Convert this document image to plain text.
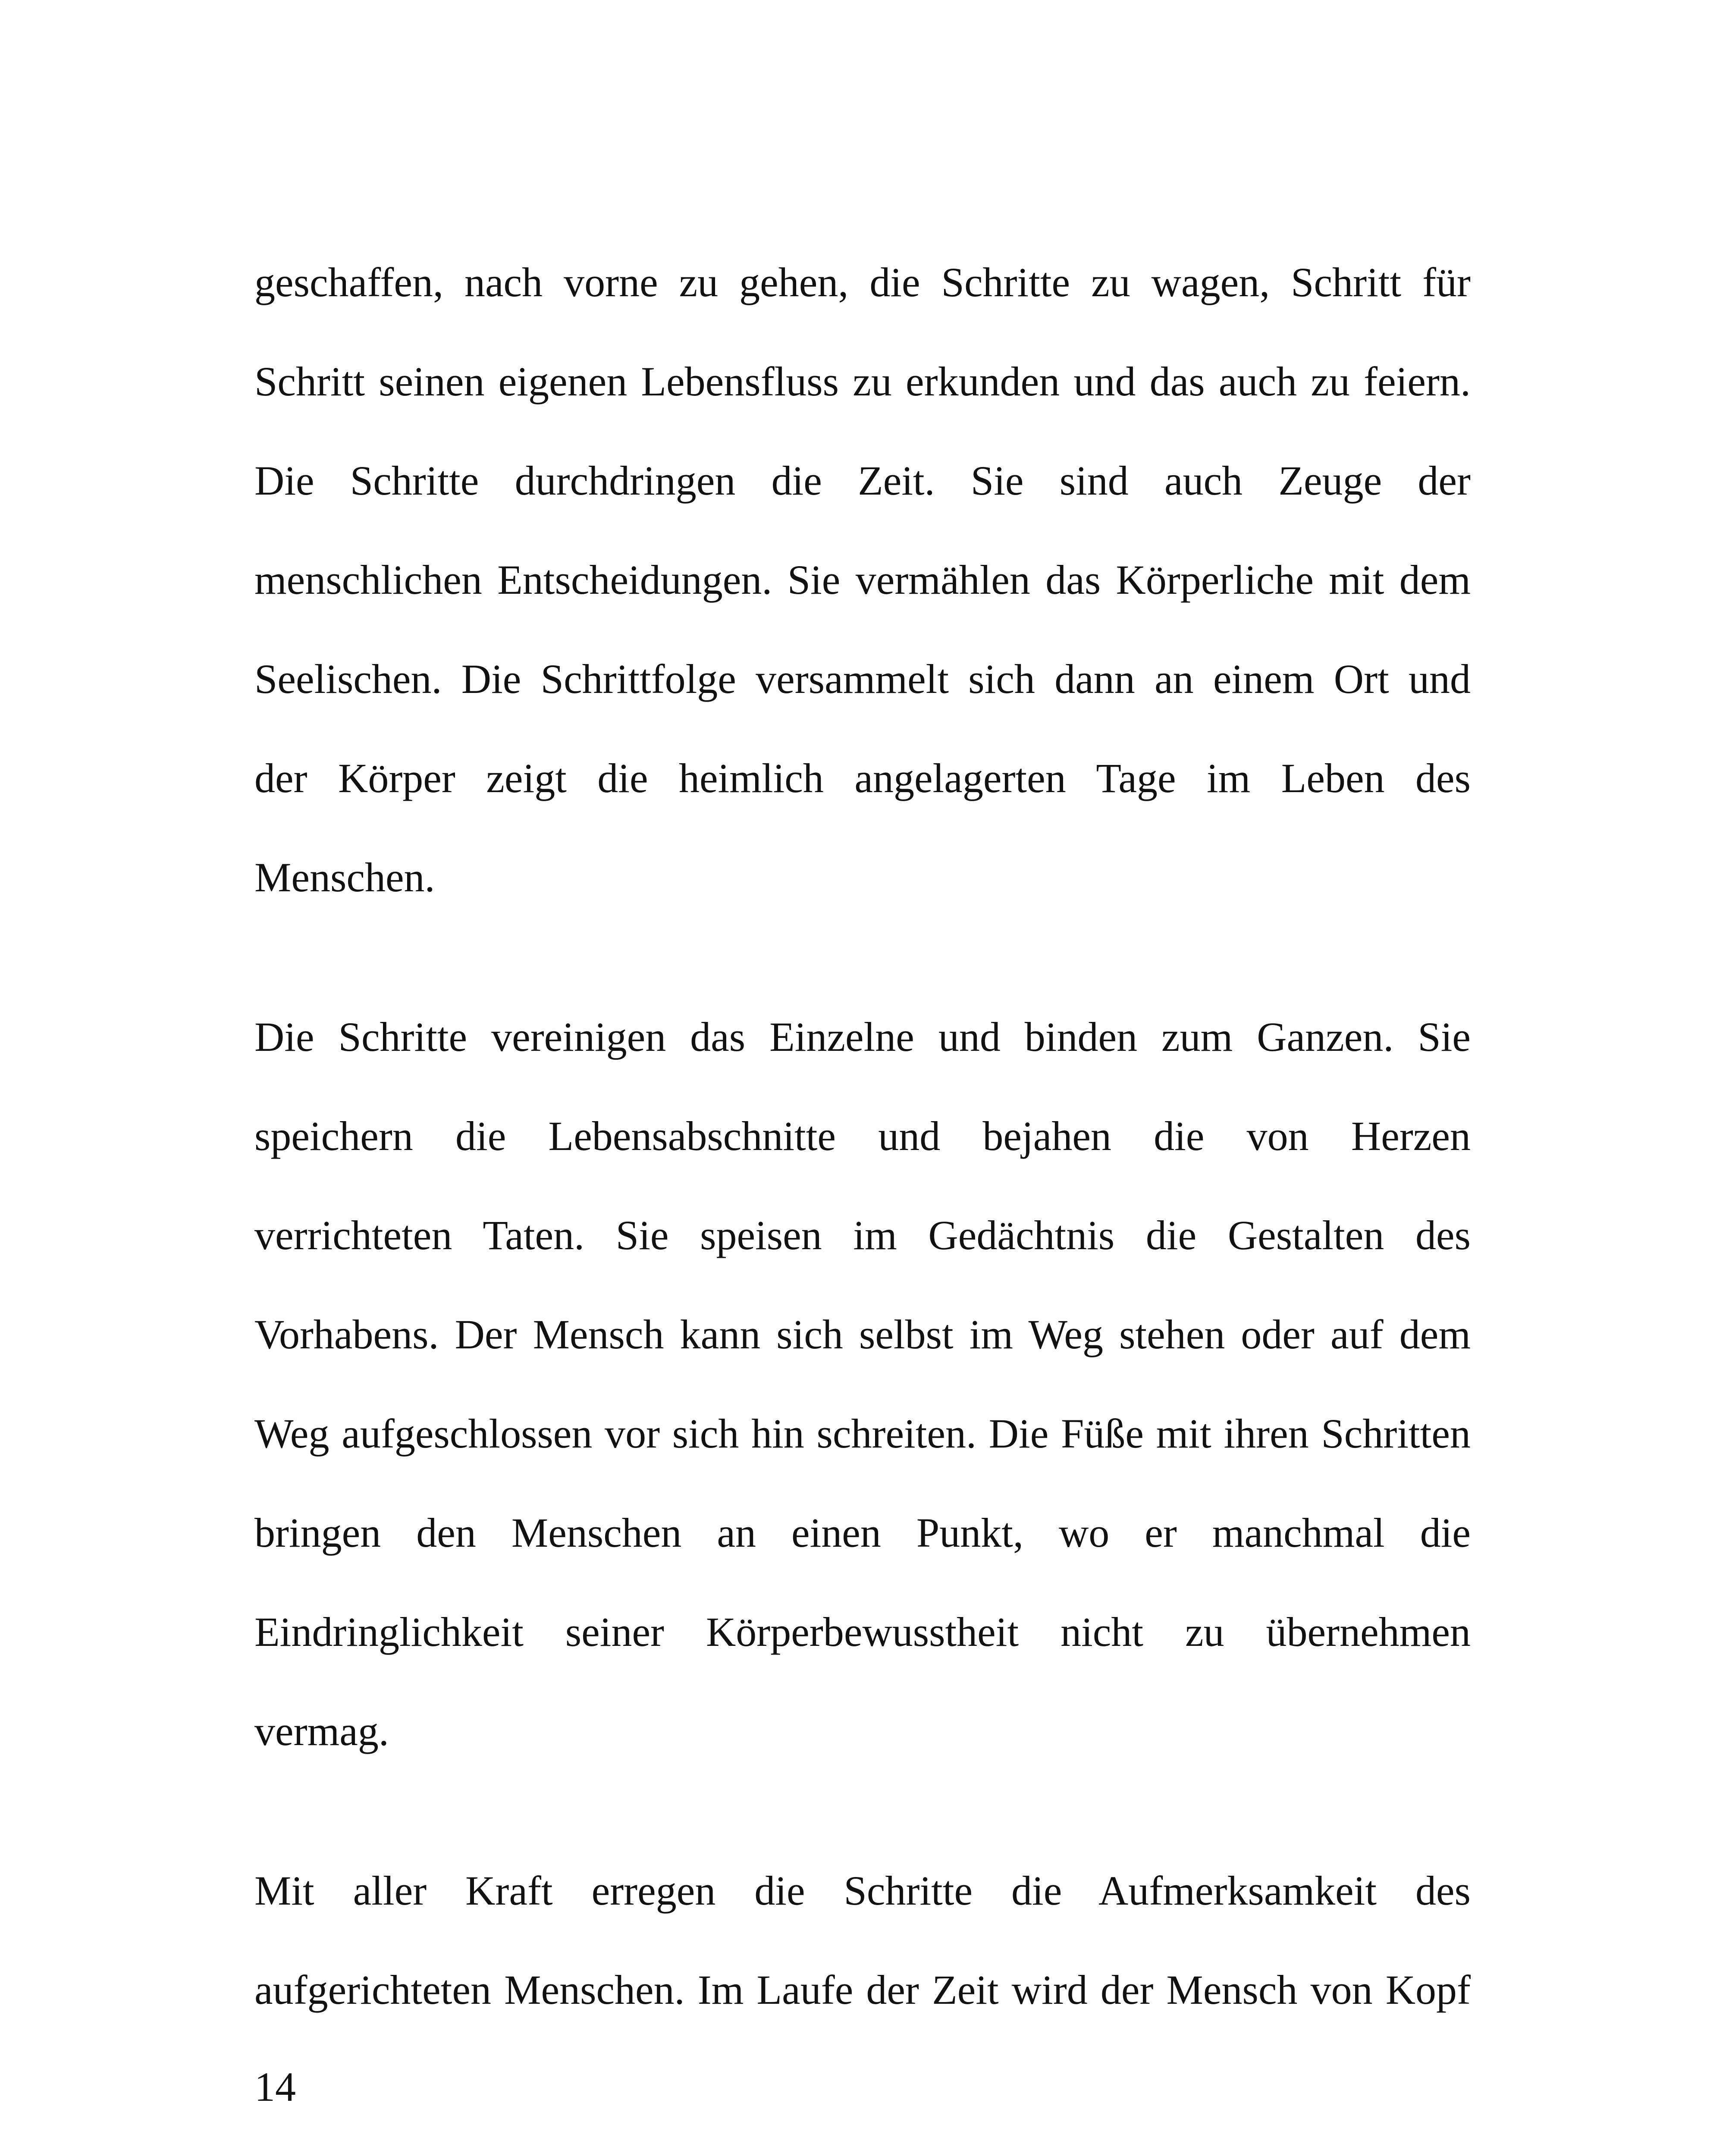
geschaffen, nach vorne zu gehen, die Schritte zu wagen, Schritt für
Schritt seinen eigenen Lebensfluss zu erkunden und das auch zu feiern.
Die Schritte durchdringen die Zeit. Sie sind auch Zeuge der
menschlichen Entscheidungen. Sie vermählen das Körperliche mit dem
Seelischen. Die Schrittfolge versammelt sich dann an einem Ort und
der Körper zeigt die heimlich angelagerten Tage im Leben des
Menschen.
Die Schritte vereinigen das Einzelne und binden zum Ganzen. Sie
speichern die Lebensabschnitte und bejahen die von Herzen
verrichteten Taten. Sie speisen im Gedächtnis die Gestalten des
Vorhabens. Der Mensch kann sich selbst im Weg stehen oder auf dem
Weg aufgeschlossen vor sich hin schreiten. Die Füße mit ihren Schritten
bringen den Menschen an einen Punkt, wo er manchmal die
Eindringlichkeit seiner Körperbewusstheit nicht zu übernehmen
vermag.
Mit aller Kraft erregen die Schritte die Aufmerksamkeit des
aufgerichteten Menschen. Im Laufe der Zeit wird der Mensch von Kopf
14
